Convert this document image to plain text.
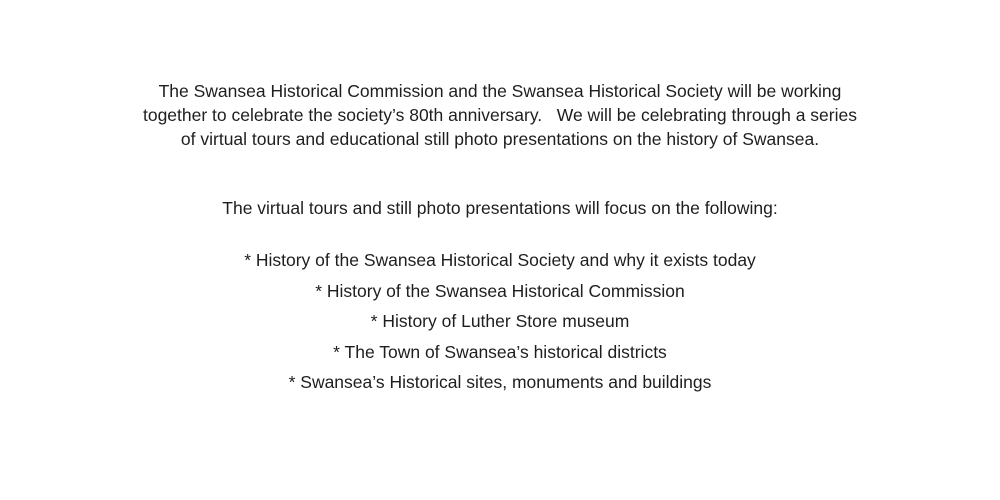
The Swansea Historical Commission and the Swansea Historical Society will be working
together to celebrate the society’s 80th anniversary.   We will be celebrating through a series
of virtual tours and educational still photo presentations on the history of Swansea.

The virtual tours and still photo presentations will focus on the following:

* History of the Swansea Historical Society and why it exists today
* History of the Swansea Historical Commission
* History of Luther Store museum
* The Town of Swansea’s historical districts
* Swansea’s Historical sites, monuments and buildings
